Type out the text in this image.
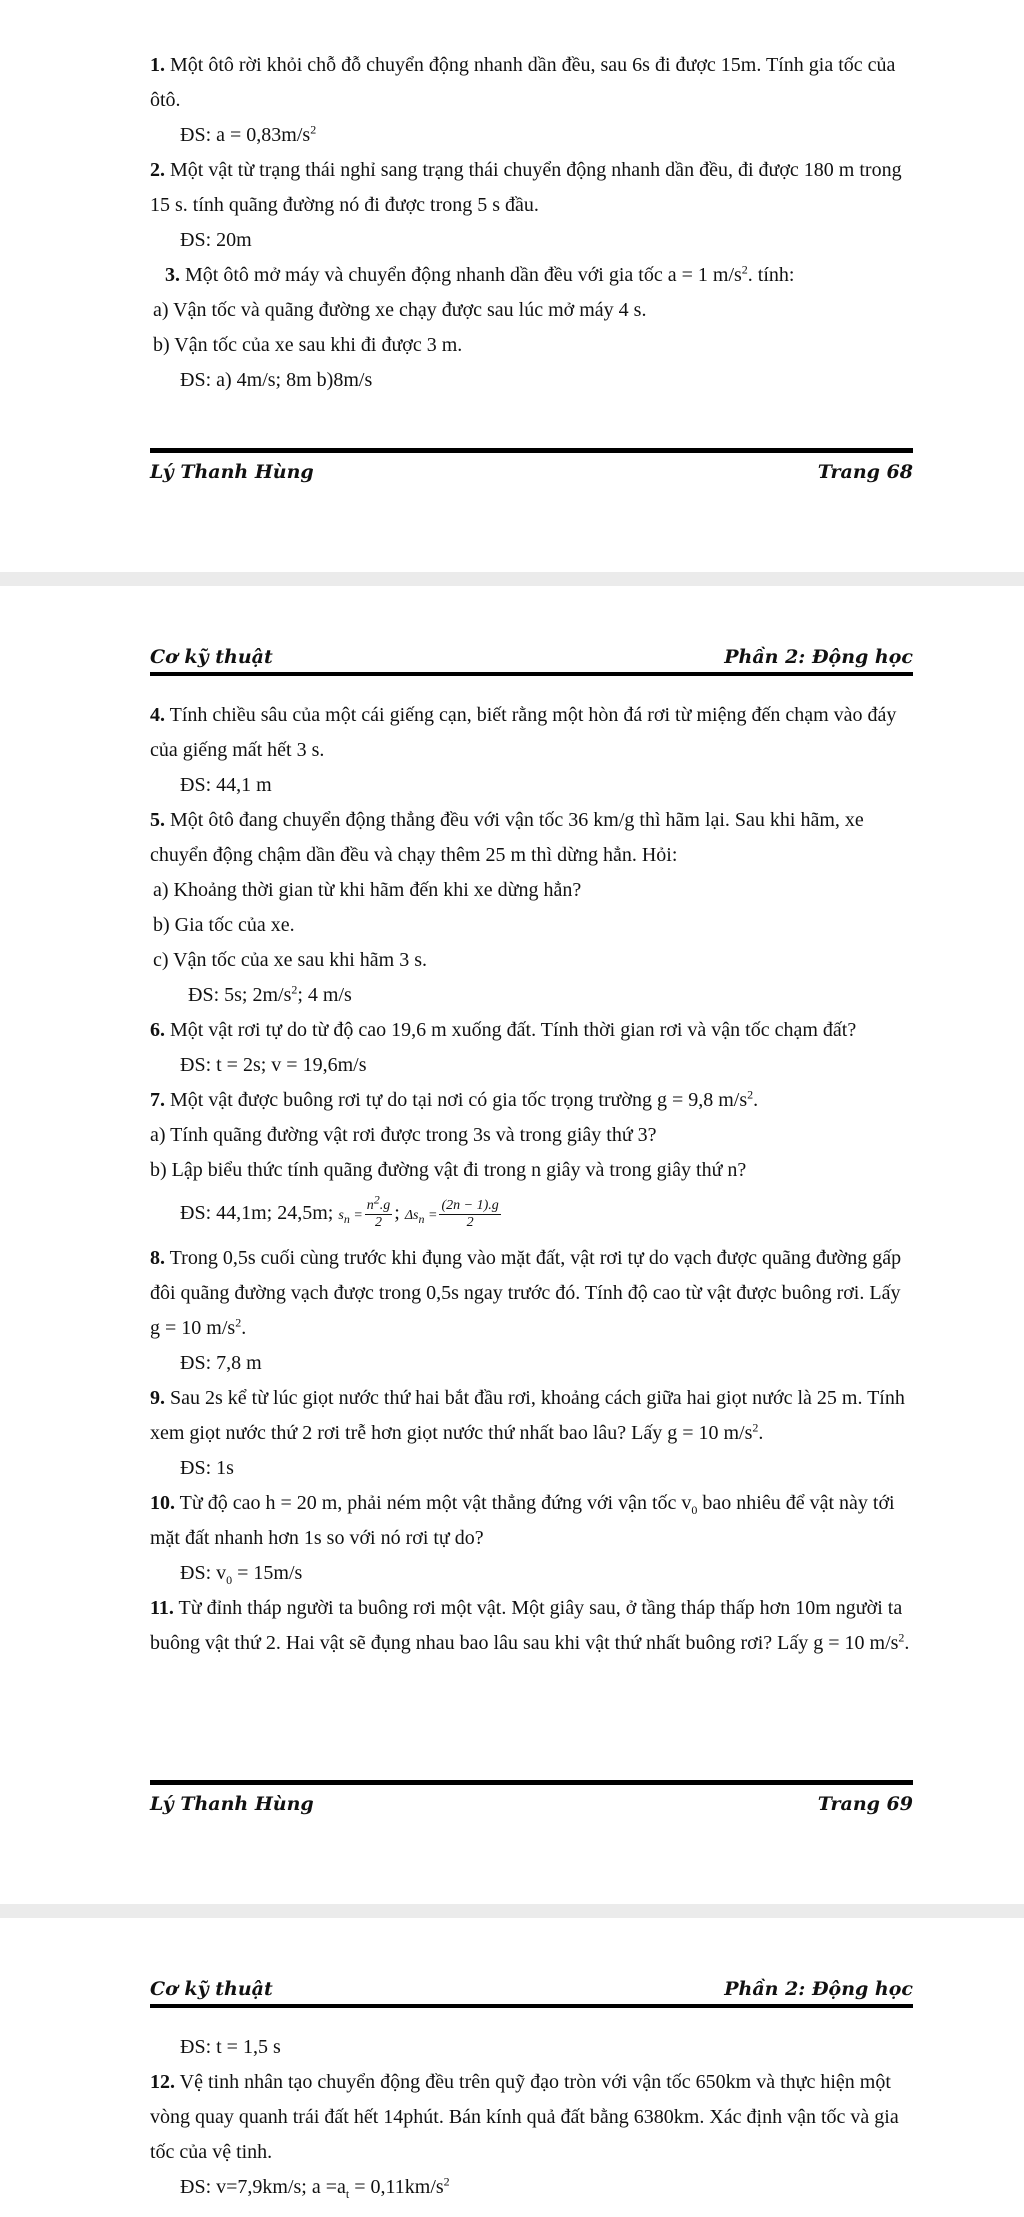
1. Một ôtô rời khỏi chỗ đỗ chuyển động nhanh dần đều, sau 6s đi được 15m. Tính gia tốc của ôtô.

ĐS: $a = 0,83m/s^2$

2. Một vật từ trạng thái nghỉ sang trạng thái chuyển động nhanh dần đều, đi được 180 m trong 15 s. tính quãng đường nó đi được trong 5 s đầu.

ĐS: 20m

3. Một ôtô mở máy và chuyển động nhanh dần đều với gia tốc a = 1 $m/s^2$. tính:

a) Vận tốc và quãng đường xe chạy được sau lúc mở máy 4 s.

b) Vận tốc của xe sau khi đi được 3 m.

ĐS: a) 4m/s; 8m b)8m/s

Lý Thanh Hùng	Trang 68
Cơ kỹ thuật	Phần 2: Động học

4. Tính chiều sâu của một cái giếng cạn, biết rằng một hòn đá rơi từ miệng đến chạm vào đáy của giếng mất hết 3 s.

ĐS: 44,1 m

5. Một ôtô đang chuyển động thẳng đều với vận tốc 36 km/g thì hãm lại. Sau khi hãm, xe chuyển động chậm dần đều và chạy thêm 25 m thì dừng hẳn. Hỏi:

a) Khoảng thời gian từ khi hãm đến khi xe dừng hẳn?

b) Gia tốc của xe.

c) Vận tốc của xe sau khi hãm 3 s.

ĐS: 5s; $2m/s^2$; 4 m/s

6. Một vật rơi tự do từ độ cao 19,6 m xuống đất. Tính thời gian rơi và vận tốc chạm đất?

ĐS: t = 2s; v = 19,6m/s

7. Một vật được buông rơi tự do tại nơi có gia tốc trọng trường g = 9,8 $m/s^2$.

a) Tính quãng đường vật rơi được trong 3s và trong giây thứ 3?

b) Lập biểu thức tính quãng đường vật đi trong n giây và trong giây thứ n?

ĐS: 44,1m; 24,5m; $s_n = \frac{n^2.g}{2}$ ; $\Delta s_n = \frac{(2n - 1).g}{2}$

8. Trong 0,5s cuối cùng trước khi đụng vào mặt đất, vật rơi tự do vạch được quãng đường gấp đôi quãng đường vạch được trong 0,5s ngay trước đó. Tính độ cao từ vật được buông rơi. Lấy g = 10 $m/s^2$.

ĐS: 7,8 m

9. Sau 2s kể từ lúc giọt nước thứ hai bắt đầu rơi, khoảng cách giữa hai giọt nước là 25 m. Tính xem giọt nước thứ 2 rơi trễ hơn giọt nước thứ nhất bao lâu? Lấy g = 10 $m/s^2$.

ĐS: 1s

10. Từ độ cao h = 20 m, phải ném một vật thẳng đứng với vận tốc $v_0$ bao nhiêu để vật này tới mặt đất nhanh hơn 1s so với nó rơi tự do?

ĐS: $v_0 = 15m/s$

11. Từ đỉnh tháp người ta buông rơi một vật. Một giây sau, ở tầng tháp thấp hơn 10m người ta buông vật thứ 2. Hai vật sẽ đụng nhau bao lâu sau khi vật thứ nhất buông rơi? Lấy g = 10 $m/s^2$.

Lý Thanh Hùng	Trang 69
Cơ kỹ thuật	Phần 2: Động học

ĐS: t = 1,5 s

12. Vệ tinh nhân tạo chuyển động đều trên quỹ đạo tròn với vận tốc 650km và thực hiện một vòng quay quanh trái đất hết 14phút. Bán kính quả đất bằng 6380km. Xác định vận tốc và gia tốc của vệ tinh.

ĐS: v=7,9km/s; $a =a_t = 0,11km/s^2$
